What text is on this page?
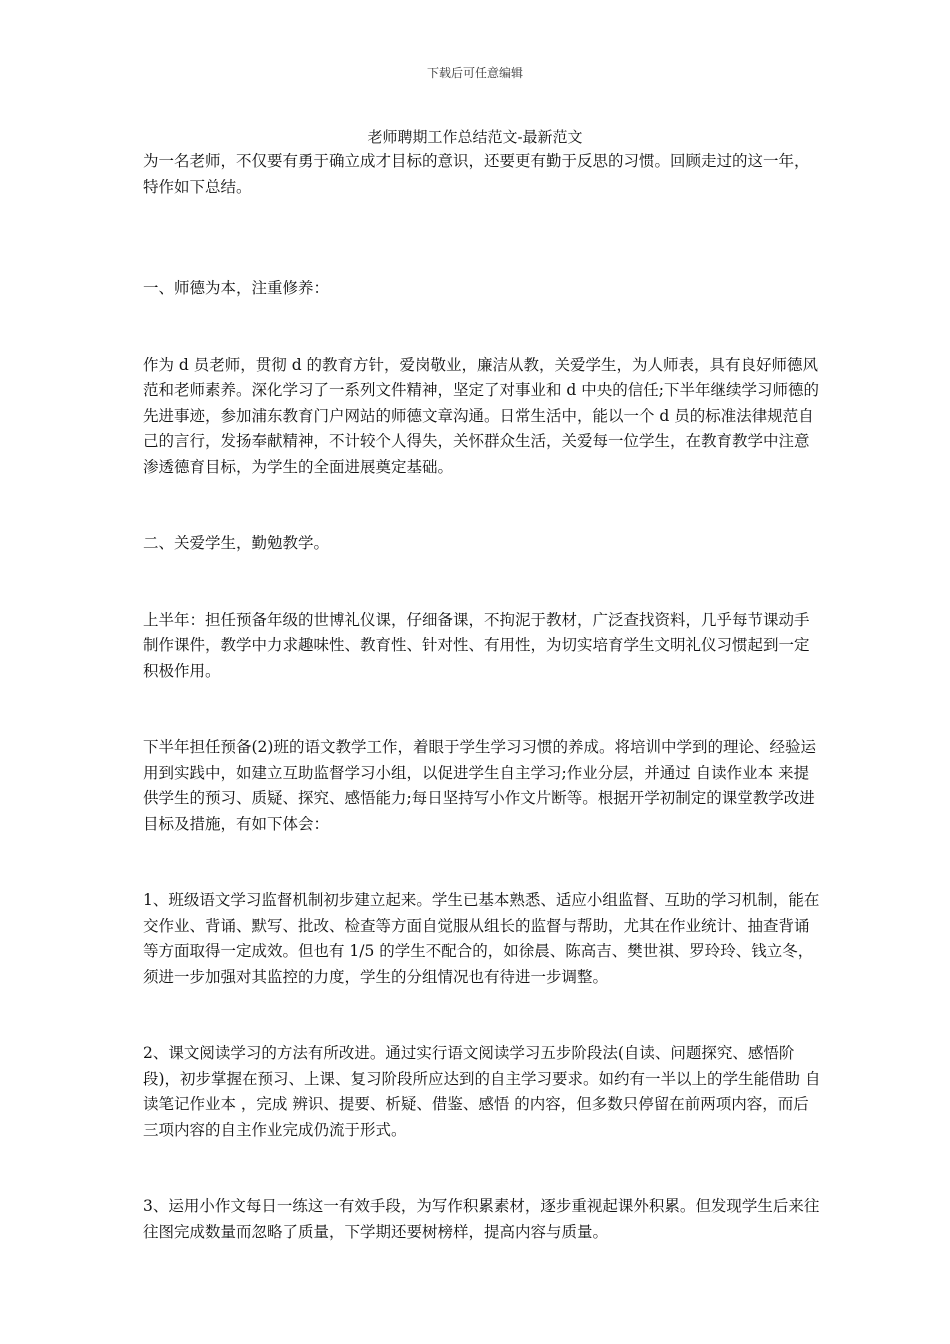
下载后可任意编辑
老师聘期工作总结范文-最新范文

为一名老师，不仅要有勇于确立成才目标的意识，还要更有勤于反思的习惯。回顾走过的这一年，特作如下总结。

一、师德为本，注重修养：

作为 d 员老师，贯彻 d 的教育方针，爱岗敬业，廉洁从教，关爱学生，为人师表，具有良好师德风范和老师素养。深化学习了一系列文件精神，坚定了对事业和 d 中央的信任;下半年继续学习师德的先进事迹，参加浦东教育门户网站的师德文章沟通。日常生活中，能以一个 d 员的标准法律规范自己的言行，发扬奉献精神，不计较个人得失，关怀群众生活，关爱每一位学生，在教育教学中注意渗透德育目标，为学生的全面进展奠定基础。

二、关爱学生，勤勉教学。

上半年：担任预备年级的世博礼仪课，仔细备课，不拘泥于教材，广泛查找资料，几乎每节课动手制作课件，教学中力求趣味性、教育性、针对性、有用性，为切实培育学生文明礼仪习惯起到一定积极作用。

下半年担任预备(2)班的语文教学工作，着眼于学生学习习惯的养成。将培训中学到的理论、经验运用到实践中，如建立互助监督学习小组，以促进学生自主学习;作业分层，并通过 自读作业本 来提供学生的预习、质疑、探究、感悟能力;每日坚持写小作文片断等。根据开学初制定的课堂教学改进目标及措施，有如下体会：

1、班级语文学习监督机制初步建立起来。学生已基本熟悉、适应小组监督、互助的学习机制，能在交作业、背诵、默写、批改、检查等方面自觉服从组长的监督与帮助，尤其在作业统计、抽查背诵等方面取得一定成效。但也有 1/5 的学生不配合的，如徐晨、陈高吉、樊世祺、罗玲玲、钱立冬，须进一步加强对其监控的力度，学生的分组情况也有待进一步调整。

2、课文阅读学习的方法有所改进。通过实行语文阅读学习五步阶段法(自读、问题探究、感悟阶段)，初步掌握在预习、上课、复习阶段所应达到的自主学习要求。如约有一半以上的学生能借助 自读笔记作业本 ，完成 辨识、提要、析疑、借鉴、感悟 的内容，但多数只停留在前两项内容，而后三项内容的自主作业完成仍流于形式。

3、运用小作文每日一练这一有效手段，为写作积累素材，逐步重视起课外积累。但发现学生后来往往图完成数量而忽略了质量，下学期还要树榜样，提高内容与质量。
